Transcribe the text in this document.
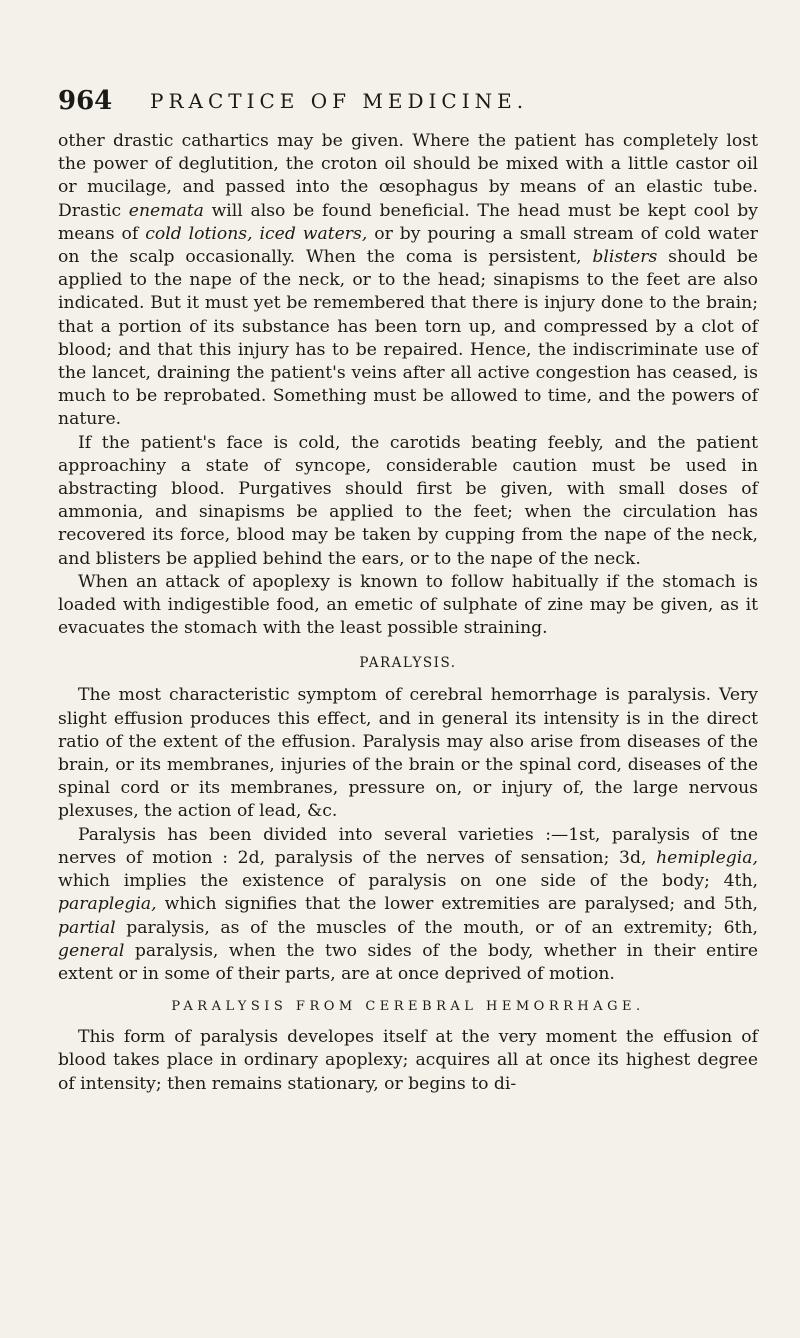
964 PRACTICE OF MEDICINE.

other drastic cathartics may be given. Where the patient has completely lost the power of deglutition, the croton oil should be mixed with a little castor oil or mucilage, and passed into the œsophagus by means of an elastic tube. Drastic enemata will also be found beneficial. The head must be kept cool by means of cold lotions, iced waters, or by pouring a small stream of cold water on the scalp occasionally. When the coma is persistent, blisters should be applied to the nape of the neck, or to the head; sinapisms to the feet are also indicated. But it must yet be remembered that there is injury done to the brain; that a portion of its substance has been torn up, and compressed by a clot of blood; and that this injury has to be repaired. Hence, the indiscriminate use of the lancet, draining the patient's veins after all active congestion has ceased, is much to be reprobated. Something must be allowed to time, and the powers of nature.

If the patient's face is cold, the carotids beating feebly, and the patient approachiny a state of syncope, considerable caution must be used in abstracting blood. Purgatives should first be given, with small doses of ammonia, and sinapisms be applied to the feet; when the circulation has recovered its force, blood may be taken by cupping from the nape of the neck, and blisters be applied behind the ears, or to the nape of the neck.

When an attack of apoplexy is known to follow habitually if the stomach is loaded with indigestible food, an emetic of sulphate of zine may be given, as it evacuates the stomach with the least possible straining.

PARALYSIS.

The most characteristic symptom of cerebral hemorrhage is paralysis. Very slight effusion produces this effect, and in general its intensity is in the direct ratio of the extent of the effusion. Paralysis may also arise from diseases of the brain, or its membranes, injuries of the brain or the spinal cord, diseases of the spinal cord or its membranes, pressure on, or injury of, the large nervous plexuses, the action of lead, &c.

Paralysis has been divided into several varieties :—1st, paralysis of tne nerves of motion : 2d, paralysis of the nerves of sensation; 3d, hemiplegia, which implies the existence of paralysis on one side of the body; 4th, paraplegia, which signifies that the lower extremities are paralysed; and 5th, partial paralysis, as of the muscles of the mouth, or of an extremity; 6th, general paralysis, when the two sides of the body, whether in their entire extent or in some of their parts, are at once deprived of motion.

PARALYSIS FROM CEREBRAL HEMORRHAGE.

This form of paralysis developes itself at the very moment the effusion of blood takes place in ordinary apoplexy; acquires all at once its highest degree of intensity; then remains stationary, or begins to di-
